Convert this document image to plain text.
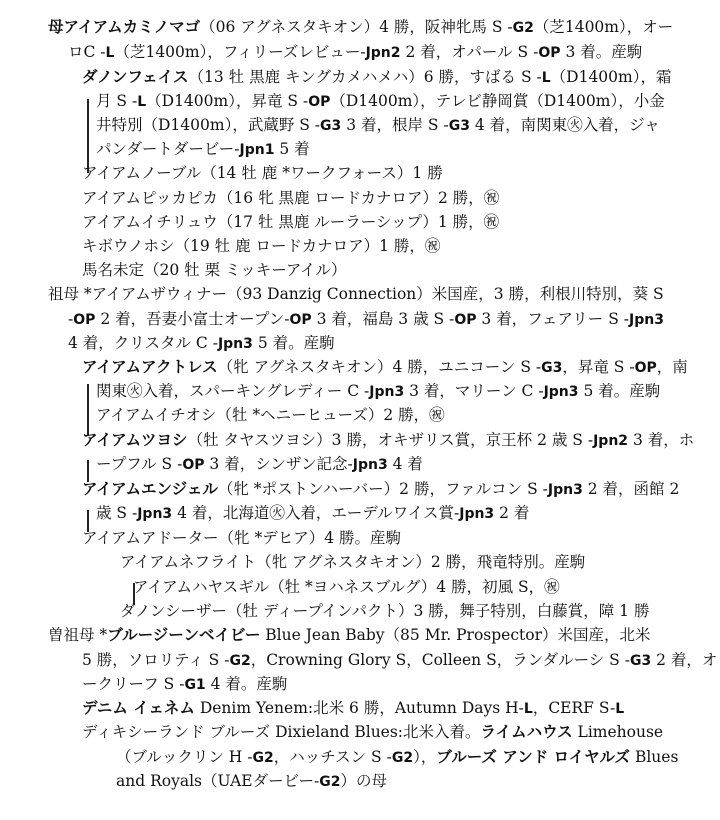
母アイアムカミノマゴ（06 アグネスタキオン）4 勝，阪神牝馬 S -G2（芝1400m），オー
ロC -L（芝1400m），フィリーズレビュー-Jpn2 2 着，オパール S -OP 3 着。産駒
ダノンフェイス（13 牡 黒鹿 キングカメハメハ）6 勝，すばる S -L（D1400m），霜
月 S -L（D1400m），昇竜 S -OP（D1400m），テレビ静岡賞（D1400m），小金
井特別（D1400m），武蔵野 S -G3 3 着，根岸 S -G3 4 着，南関東㊋入着，ジャ
パンダートダービー-Jpn1 5 着
アイアムノーブル（14 牡 鹿 *ワークフォース）1 勝
アイアムピッカピカ（16 牝 黒鹿 ロードカナロア）2 勝，㊗
アイアムイチリュウ（17 牡 黒鹿 ルーラーシップ）1 勝，㊗
キボウノホシ（19 牡 鹿 ロードカナロア）1 勝，㊗
馬名未定（20 牡 栗 ミッキーアイル）
祖母 *アイアムザウィナー（93 Danzig Connection）米国産，3 勝，利根川特別，葵 S
-OP 2 着，吾妻小富士オープン-OP 3 着，福島 3 歳 S -OP 3 着，フェアリー S -Jpn3
4 着，クリスタル C -Jpn3 5 着。産駒
アイアムアクトレス（牝 アグネスタキオン）4 勝，ユニコーン S -G3，昇竜 S -OP，南
関東㊋入着，スパーキングレディー C -Jpn3 3 着，マリーン C -Jpn3 5 着。産駒
アイアムイチオシ（牡 *ヘニーヒューズ）2 勝，㊗
アイアムツヨシ（牡 タヤスツヨシ）3 勝，オキザリス賞，京王杯 2 歳 S -Jpn2 3 着，ホ
ープフル S -OP 3 着，シンザン記念-Jpn3 4 着
アイアムエンジェル（牝 *ポストンハーバー）2 勝，ファルコン S -Jpn3 2 着，函館 2
歳 S -Jpn3 4 着，北海道㊋入着，エーデルワイス賞-Jpn3 2 着
アイアムアドーター（牝 *デヒア）4 勝。産駒
アイアムネフライト（牝 アグネスタキオン）2 勝，飛竜特別。産駒
アイアムハヤスギル（牡 *ヨハネスブルグ）4 勝，初風 S，㊗
ダノンシーザー（牡 ディープインパクト）3 勝，舞子特別，白藤賞，障 1 勝
曽祖母 *ブルージーンベイビー Blue Jean Baby（85 Mr. Prospector）米国産，北米
5 勝，ソロリティ S -G2，Crowning Glory S，Colleen S，ランダルーシ S -G3 2 着，オ
ークリーフ S -G1 4 着。産駒
デニム イェネム Denim Yenem:北米 6 勝，Autumn Days H-L，CERF S-L
ディキシーランド ブルーズ Dixieland Blues:北米入着。ライムハウス Limehouse
（ブルックリン H -G2，ハッチスン S -G2），ブルーズ アンド ロイヤルズ Blues
and Royals（UAEダービー-G2）の母
